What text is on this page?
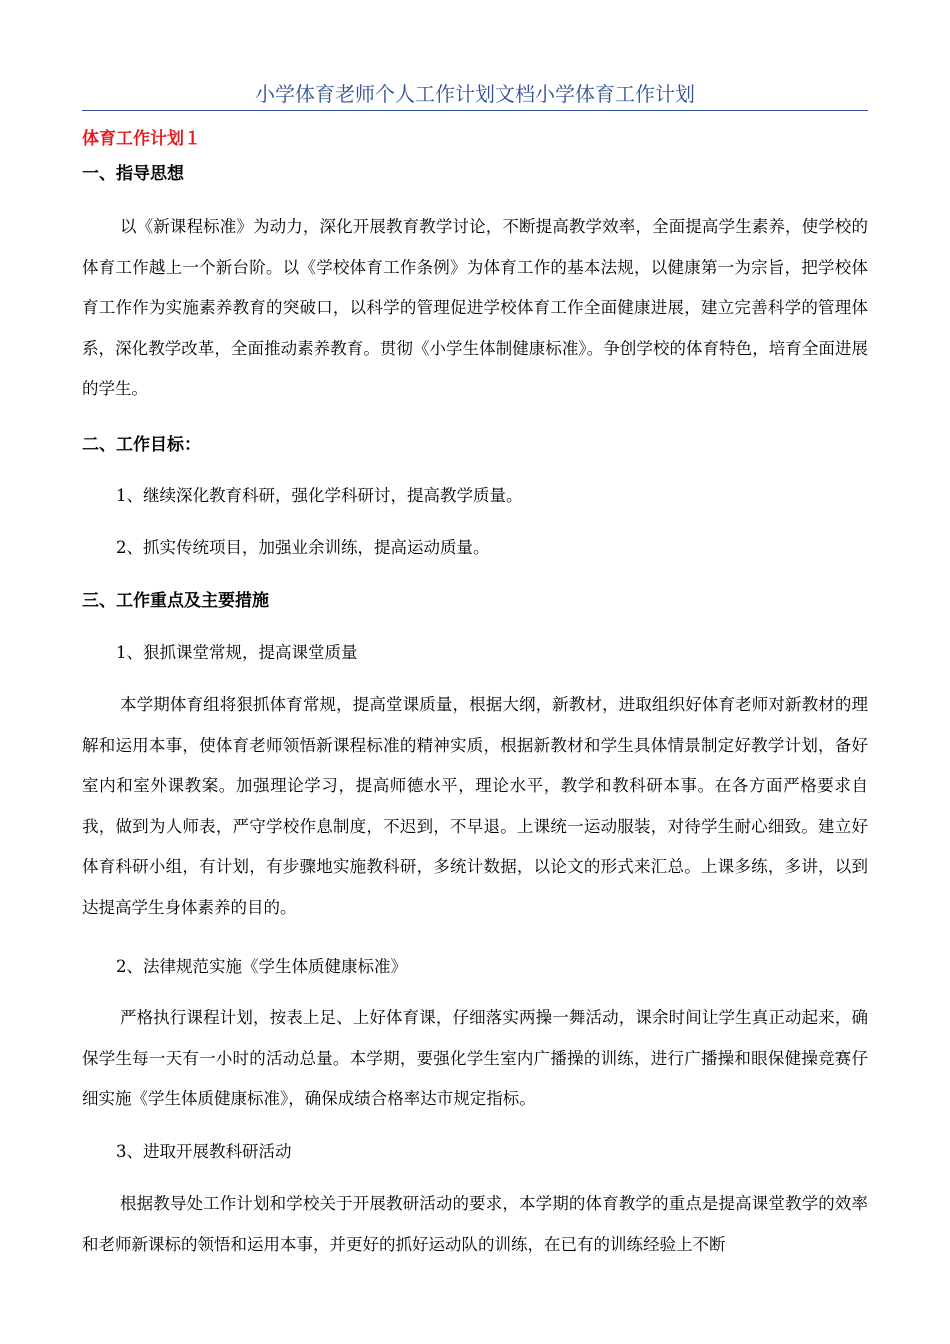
小学体育老师个人工作计划文档小学体育工作计划
体育工作计划１
一、指导思想

以《新课程标准》为动力，深化开展教育教学讨论，不断提高教学效率，全面提高学生素养，使学校的体育工作越上一个新台阶。以《学校体育工作条例》为体育工作的基本法规，以健康第一为宗旨，把学校体育工作作为实施素养教育的突破口，以科学的管理促进学校体育工作全面健康进展，建立完善科学的管理体系，深化教学改革，全面推动素养教育。贯彻《小学生体制健康标准》。争创学校的体育特色，培育全面进展的学生。

二、工作目标：
1、继续深化教育科研，强化学科研讨，提高教学质量。
2、抓实传统项目，加强业余训练，提高运动质量。
三、工作重点及主要措施
1、狠抓课堂常规，提高课堂质量

本学期体育组将狠抓体育常规，提高堂课质量，根据大纲，新教材，进取组织好体育老师对新教材的理解和运用本事，使体育老师领悟新课程标准的精神实质，根据新教材和学生具体情景制定好教学计划，备好室内和室外课教案。加强理论学习，提高师德水平，理论水平，教学和教科研本事。在各方面严格要求自我，做到为人师表，严守学校作息制度，不迟到，不早退。上课统一运动服装，对待学生耐心细致。建立好体育科研小组，有计划，有步骤地实施教科研，多统计数据，以论文的形式来汇总。上课多练，多讲，以到达提高学生身体素养的目的。

2、法律规范实施《学生体质健康标准》

严格执行课程计划，按表上足、上好体育课，仔细落实两操一舞活动，课余时间让学生真正动起来，确保学生每一天有一小时的活动总量。本学期，要强化学生室内广播操的训练，进行广播操和眼保健操竞赛仔细实施《学生体质健康标准》，确保成绩合格率达市规定指标。

3、进取开展教科研活动

根据教导处工作计划和学校关于开展教研活动的要求，本学期的体育教学的重点是提高课堂教学的效率和老师新课标的领悟和运用本事，并更好的抓好运动队的训练，在已有的训练经验上不断
